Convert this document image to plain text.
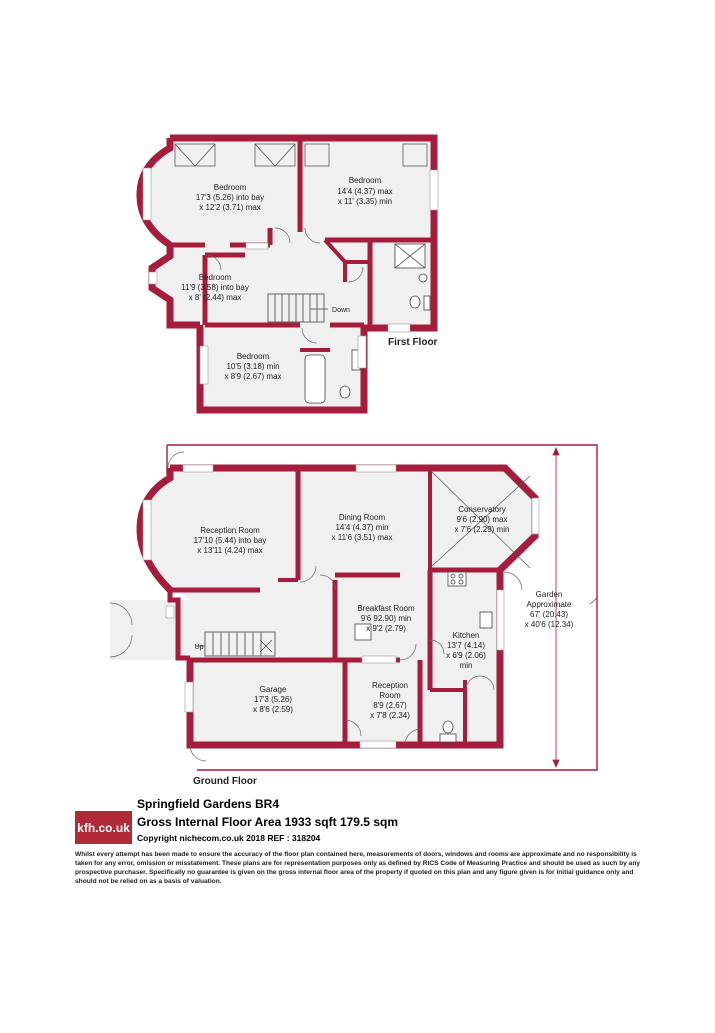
Bedroom
17'3 (5.26) into bay
x 12'2 (3.71) max
Bedroom
14'4 (4.37) max
x 11' (3.35) min
Bedroom
11'9 (3.58) into bay
x 8' (2.44) max
Bedroom
10'5 (3.18) min
x 8'9 (2.67) max
Down
Reception Room
17'10 (5.44) into bay
x 13'11 (4.24) max
Dining Room
14'4 (4.37) min
x 11'6 (3.51) max
Conservatory
9'6 (2.90) max
x 7'6 (2.29) min
Breakfast Room
9'6 92.90) min
x 9'2 (2.79)
Kitchen
13'7 (4.14)
x 6'9 (2.06)
min
Garage
17'3 (5.26)
x 8'6 (2.59)
Reception
Room
8'9 (2.67)
x 7'8 (2.34)
Up
Garden
Approximate
67' (20.43)
x 40'6 (12.34)
First Floor
Ground Floor
Springfield Gardens BR4
kfh.co.uk Gross Internal Floor Area 1933 sqft 179.5 sqm
Copyright nichecom.co.uk 2018 REF : 318204
Whilst every attempt has been made to ensure the accuracy of the floor plan contained here, measurements of doors, windows and rooms are approximate and no responsibility is taken for any error, omission or misstatement. These plans are for representation purposes only as defined by RICS Code of Measuring Practice and should be used as such by any prospective purchaser. Specifically no guarantee is given on the gross internal floor area of the property if quoted on this plan and any figure given is for initial guidance only and should not be relied on as a basis of valuation.
